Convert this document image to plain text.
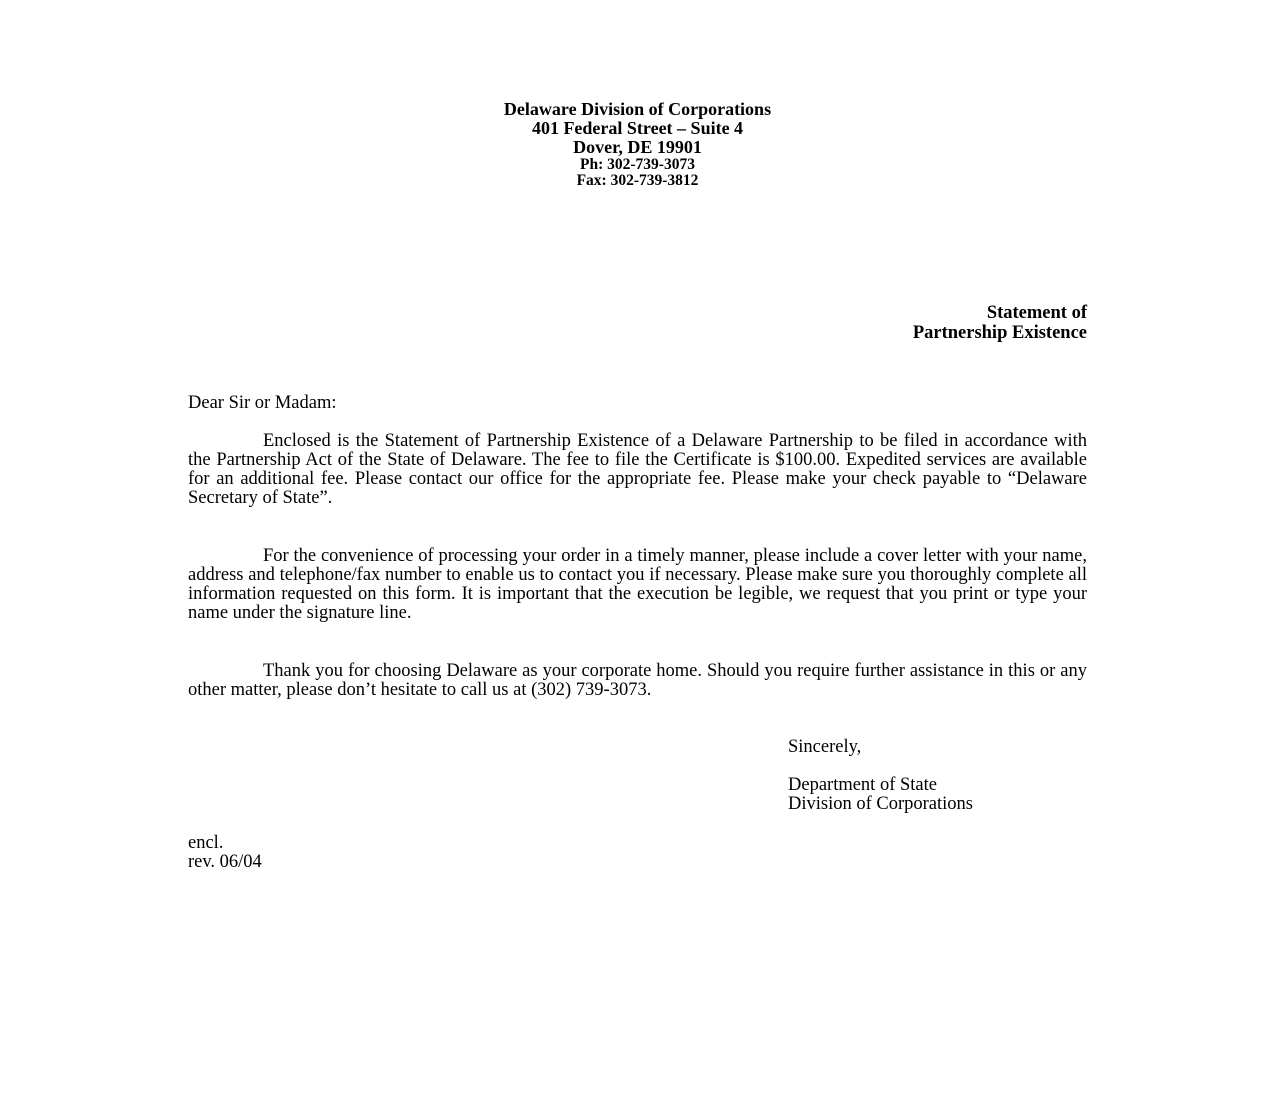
Delaware Division of Corporations
401 Federal Street – Suite 4
Dover, DE 19901
Ph: 302-739-3073
Fax: 302-739-3812
Statement of
Partnership Existence
Dear Sir or Madam:

Enclosed is the Statement of Partnership Existence of a Delaware Partnership to be filed in accordance with the Partnership Act of the State of Delaware. The fee to file the Certificate is $100.00. Expedited services are available for an additional fee. Please contact our office for the appropriate fee. Please make your check payable to “Delaware Secretary of State”.

For the convenience of processing your order in a timely manner, please include a cover letter with your name, address and telephone/fax number to enable us to contact you if necessary. Please make sure you thoroughly complete all information requested on this form. It is important that the execution be legible, we request that you print or type your name under the signature line.

Thank you for choosing Delaware as your corporate home. Should you require further assistance in this or any other matter, please don’t hesitate to call us at (302) 739-3073.

Sincerely,
Department of State
Division of Corporations
encl.
rev. 06/04
